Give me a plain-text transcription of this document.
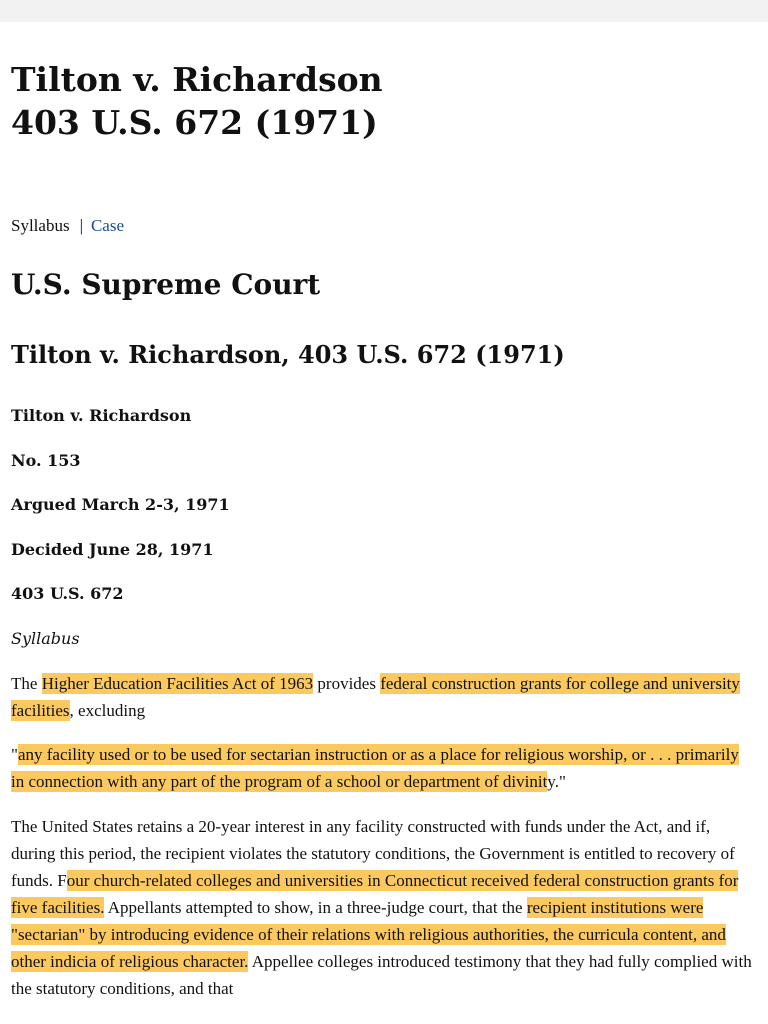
Tilton v. Richardson
403 U.S. 672 (1971)
Syllabus | Case
U.S. Supreme Court
Tilton v. Richardson, 403 U.S. 672 (1971)

Tilton v. Richardson

No. 153

Argued March 2-3, 1971

Decided June 28, 1971

403 U.S. 672

Syllabus

The Higher Education Facilities Act of 1963 provides federal construction grants for college and university facilities, excluding

"any facility used or to be used for sectarian instruction or as a place for religious worship, or . . . primarily in connection with any part of the program of a school or department of divinity."

The United States retains a 20-year interest in any facility constructed with funds under the Act, and if, during this period, the recipient violates the statutory conditions, the Government is entitled to recovery of funds. Four church-related colleges and universities in Connecticut received federal construction grants for five facilities. Appellants attempted to show, in a three-judge court, that the recipient institutions were "sectarian" by introducing evidence of their relations with religious authorities, the curricula content, and other indicia of religious character. Appellee colleges introduced testimony that they had fully complied with the statutory conditions, and that
